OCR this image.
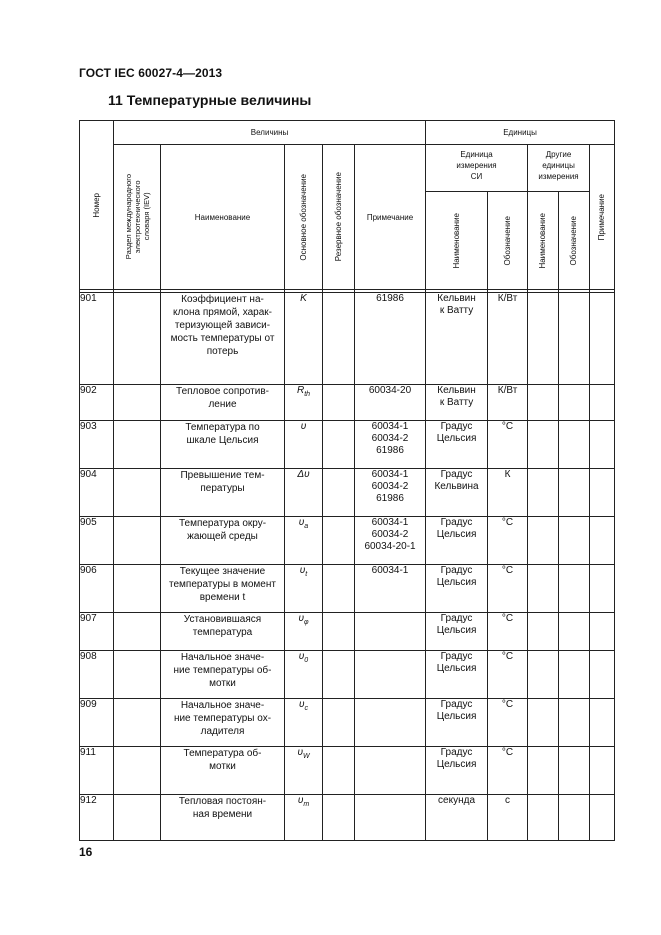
ГОСТ IEC 60027-4—2013
11 Температурные величины
Номер	Величины					Единицы				

	Раздел международного
электротехнического
словаря (IEV)	Наименование	Основное обозначение	Резервное обозначение	Примечание	Единица
измерения
СИ		Другие
единицы
измерения		Примечание

						Наименование	Обозначение	Наименование	Обозначение	

901		Коэффициент на-
клона прямой, харак-
теризующей зависи-
мость температуры от
потерь	K		61986	Кельвин
к Ватту	К/Вт			
902		Тепловое сопротив-
ление	$R_{th}$		60034-20	Кельвин
к Ватту	К/Вт			
903		Температура по
шкале Цельсия	υ		60034-1
60034-2
61986	Градус
Цельсия	°С			
904		Превышение тем-
пературы	Δυ		60034-1
60034-2
61986	Градус
Кельвина	К			
905		Температура окру-
жающей среды	$\upsilon_a$		60034-1
60034-2
60034-20-1	Градус
Цельсия	°С			
906		Текущее значение
температуры в момент
времени t	$\upsilon_t$		60034-1	Градус
Цельсия	°С			
907		Установившаяся
температура	$\upsilon_\varphi$			Градус
Цельсия	°С			
908		Начальное значе-
ние температуры об-
мотки	$\upsilon_0$			Градус
Цельсия	°С			
909		Начальное значе-
ние температуры ох-
ладителя	$\upsilon_c$			Градус
Цельсия	°С			
911		Температура об-
мотки	$\upsilon_W$			Градус
Цельсия	°С			
912		Тепловая постоян-
ная времени	$\upsilon_m$			секунда	с			
16
